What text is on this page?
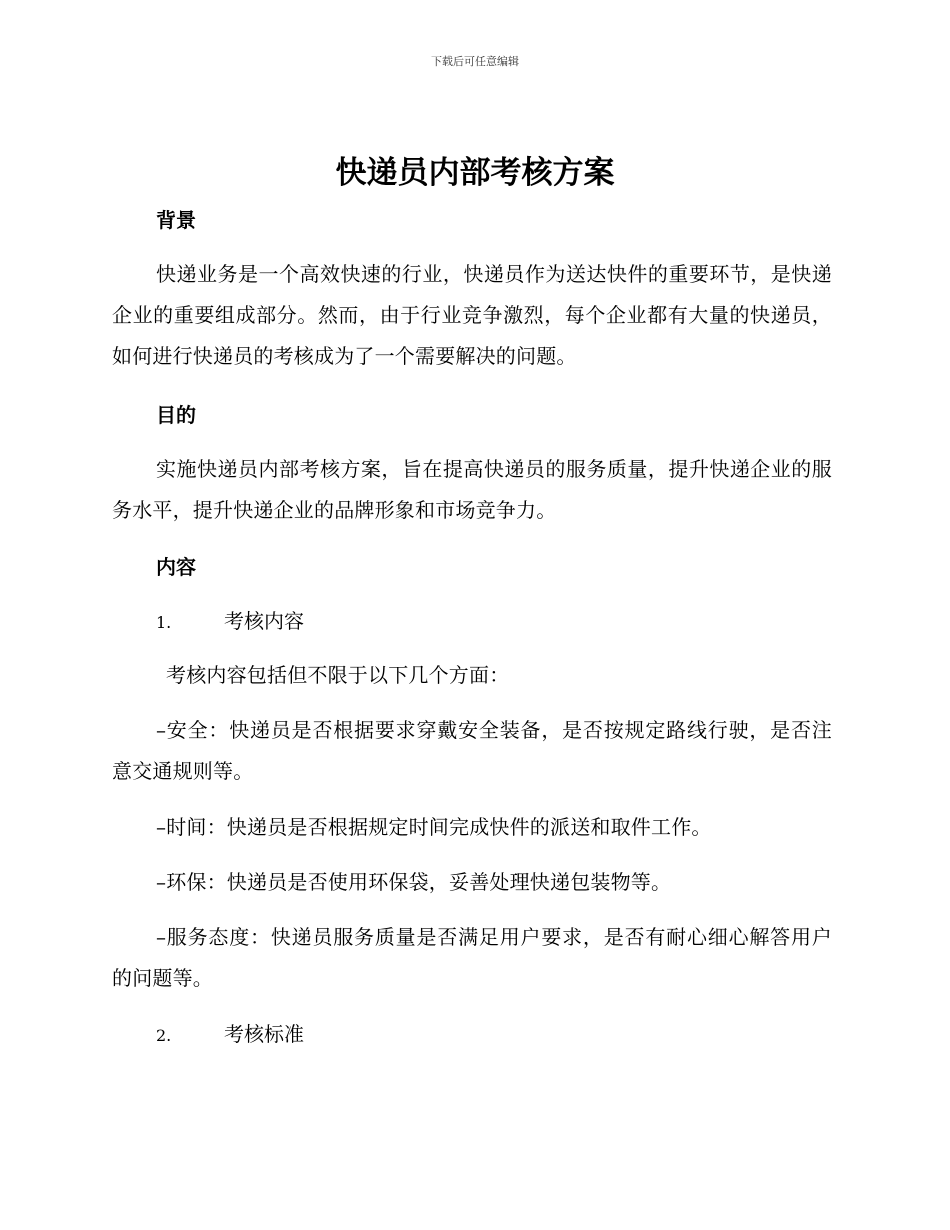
下载后可任意编辑
快递员内部考核方案
背景

快递业务是一个高效快速的行业，快递员作为送达快件的重要环节，是快递企业的重要组成部分。然而，由于行业竞争激烈，每个企业都有大量的快递员，如何进行快递员的考核成为了一个需要解决的问题。

目的

实施快递员内部考核方案，旨在提高快递员的服务质量，提升快递企业的服务水平，提升快递企业的品牌形象和市场竞争力。

内容
1.	考核内容

考核内容包括但不限于以下几个方面：

–安全：快递员是否根据要求穿戴安全装备，是否按规定路线行驶，是否注意交通规则等。

–时间：快递员是否根据规定时间完成快件的派送和取件工作。

–环保：快递员是否使用环保袋，妥善处理快递包装物等。

–服务态度：快递员服务质量是否满足用户要求，是否有耐心细心解答用户的问题等。

2.	考核标准
